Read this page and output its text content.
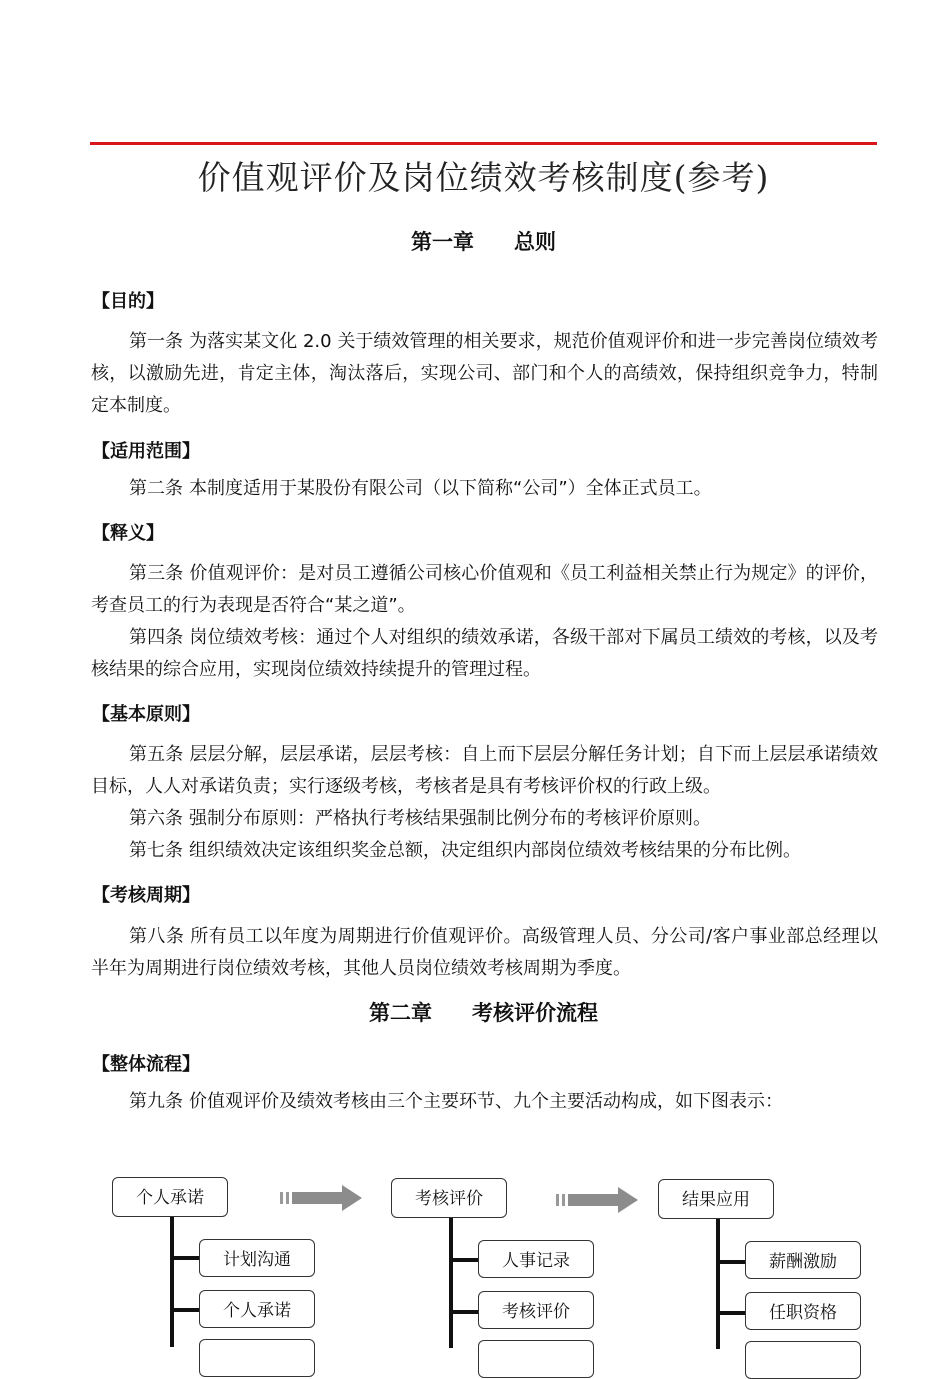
价值观评价及岗位绩效考核制度(参考)
第一章 总则
【目的】
第一条 为落实某文化 2.0 关于绩效管理的相关要求，规范价值观评价和进一步完善岗位绩效考核，以激励先进，肯定主体，淘汰落后，实现公司、部门和个人的高绩效，保持组织竞争力，特制定本制度。
【适用范围】
第二条 本制度适用于某股份有限公司（以下简称“公司”）全体正式员工。
【释义】
第三条 价值观评价：是对员工遵循公司核心价值观和《员工利益相关禁止行为规定》的评价，考查员工的行为表现是否符合“某之道”。
第四条 岗位绩效考核：通过个人对组织的绩效承诺，各级干部对下属员工绩效的考核，以及考核结果的综合应用，实现岗位绩效持续提升的管理过程。
【基本原则】
第五条 层层分解，层层承诺，层层考核：自上而下层层分解任务计划；自下而上层层承诺绩效目标，人人对承诺负责；实行逐级考核，考核者是具有考核评价权的行政上级。
第六条 强制分布原则：严格执行考核结果强制比例分布的考核评价原则。
第七条 组织绩效决定该组织奖金总额，决定组织内部岗位绩效考核结果的分布比例。
【考核周期】
第八条 所有员工以年度为周期进行价值观评价。高级管理人员、分公司/客户事业部总经理以半年为周期进行岗位绩效考核，其他人员岗位绩效考核周期为季度。
第二章 考核评价流程
【整体流程】
第九条 价值观评价及绩效考核由三个主要环节、九个主要活动构成，如下图表示：
个人承诺
计划沟通
个人承诺
考核评价
人事记录
考核评价
结果应用
薪酬激励
任职资格
